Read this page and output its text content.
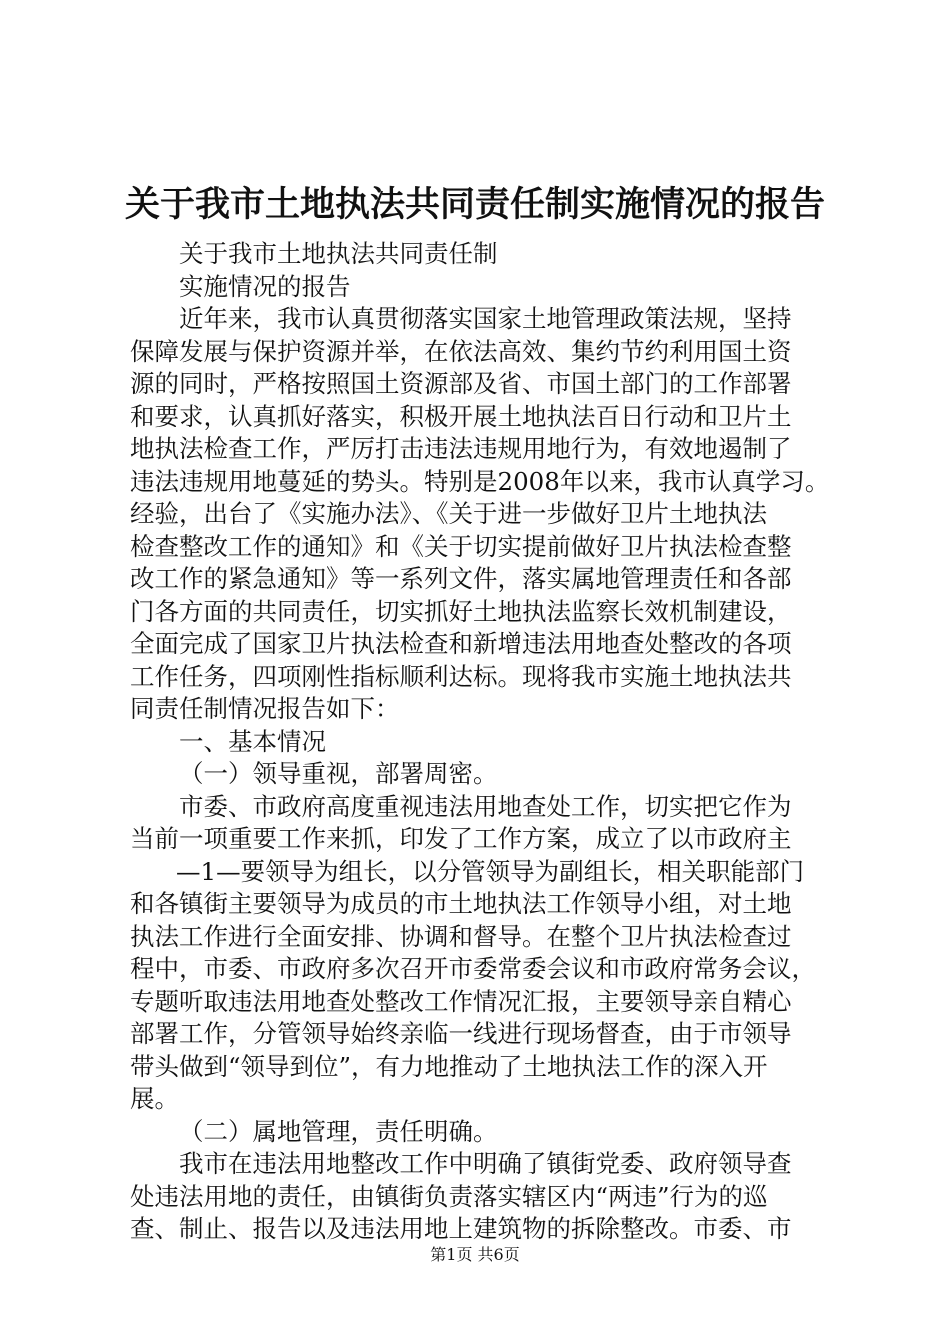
关于我市土地执法共同责任制实施情况的报告
关于我市土地执法共同责任制
实施情况的报告
近年来，我市认真贯彻落实国家土地管理政策法规，坚持
保障发展与保护资源并举，在依法高效、集约节约利用国土资
源的同时，严格按照国土资源部及省、市国土部门的工作部署
和要求，认真抓好落实，积极开展土地执法百日行动和卫片土
地执法检查工作，严厉打击违法违规用地行为，有效地遏制了
违法违规用地蔓延的势头。特别是2008年以来，我市认真学习。
经验，出台了《实施办法》、《关于进一步做好卫片土地执法
检查整改工作的通知》和《关于切实提前做好卫片执法检查整
改工作的紧急通知》等一系列文件，落实属地管理责任和各部
门各方面的共同责任，切实抓好土地执法监察长效机制建设，
全面完成了国家卫片执法检查和新增违法用地查处整改的各项
工作任务，四项刚性指标顺利达标。现将我市实施土地执法共
同责任制情况报告如下：
一、基本情况
（一）领导重视，部署周密。
市委、市政府高度重视违法用地查处工作，切实把它作为
当前一项重要工作来抓，印发了工作方案，成立了以市政府主
—1—要领导为组长，以分管领导为副组长，相关职能部门
和各镇街主要领导为成员的市土地执法工作领导小组，对土地
执法工作进行全面安排、协调和督导。在整个卫片执法检查过
程中，市委、市政府多次召开市委常委会议和市政府常务会议，
专题听取违法用地查处整改工作情况汇报，主要领导亲自精心
部署工作，分管领导始终亲临一线进行现场督查，由于市领导
带头做到“领导到位”，有力地推动了土地执法工作的深入开
展。
（二）属地管理，责任明确。
我市在违法用地整改工作中明确了镇街党委、政府领导查
处违法用地的责任，由镇街负责落实辖区内“两违”行为的巡
查、制止、报告以及违法用地上建筑物的拆除整改。市委、市
第1页 共6页
